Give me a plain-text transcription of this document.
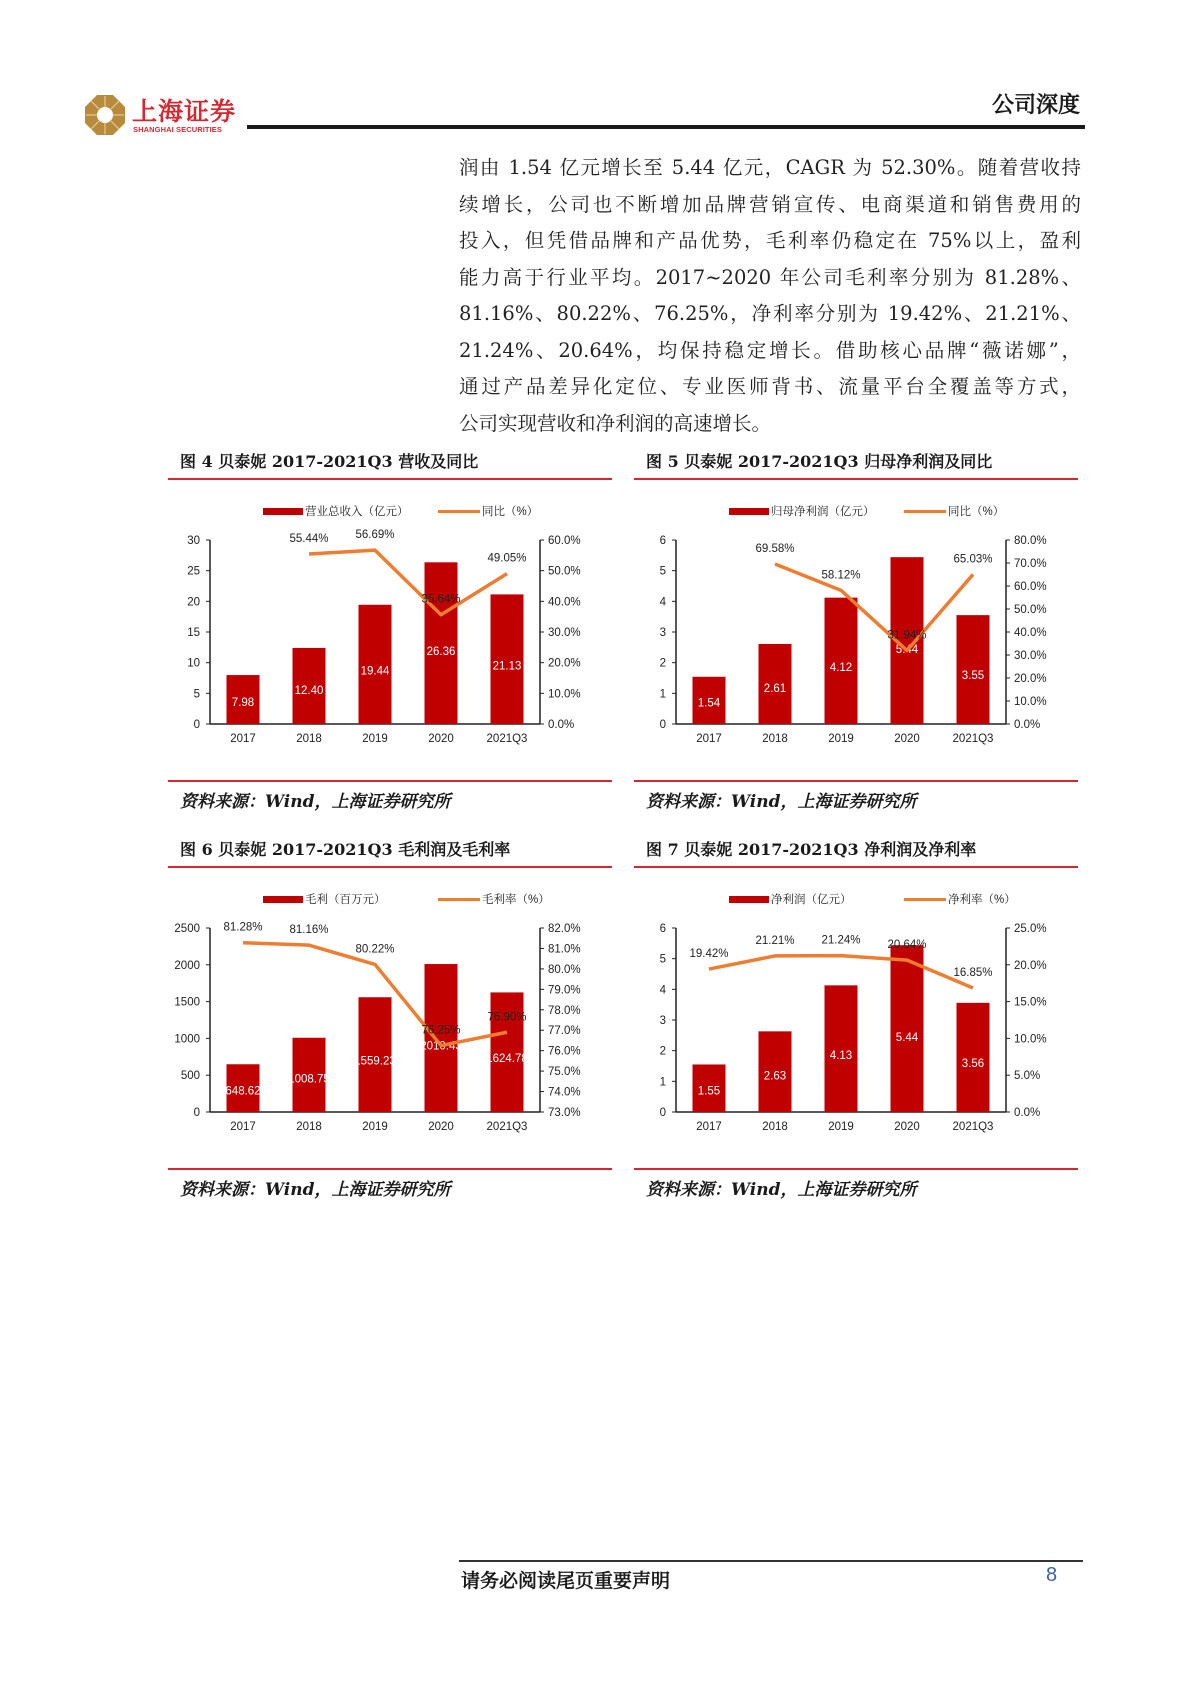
上海证券
SHANGHAI SECURITIES
公司深度
润由 1.54 亿元增长至 5.44 亿元，CAGR 为 52.30%。随着营收持
续增长，公司也不断增加品牌营销宣传、电商渠道和销售费用的
投入，但凭借品牌和产品优势，毛利率仍稳定在 75%以上，盈利
能力高于行业平均。2017~2020 年公司毛利率分别为 81.28%、
81.16%、80.22%、76.25%，净利率分别为 19.42%、21.21%、
21.24%、20.64%，均保持稳定增长。借助核心品牌“薇诺娜”，
通过产品差异化定位、专业医师背书、流量平台全覆盖等方式，
公司实现营收和净利润的高速增长。
图 4 贝泰妮 2017-2021Q3 营收及同比
营业总收入（亿元）	同比（%）
0
5
10
15
20
25
30
0.0%
10.0%
20.0%
30.0%
40.0%
50.0%
60.0%
7.98
2017
12.40
2018
19.44
2019
26.36
2020
21.13
2021Q3
55.44% 56.69%
35.64%
49.05%
资料来源：Wind，上海证券研究所
图 5 贝泰妮 2017-2021Q3 归母净利润及同比
归母净利润（亿元）	同比（%）
0
1
2
3
4
5
6
0.0%
10.0%
20.0%
30.0%
40.0%
50.0%
60.0%
70.0%
80.0%
1.54
2017
2.61
2018
4.12
2019
5.44
2020
3.55
2021Q3
69.58%
58.12%
31.94%
65.03%
资料来源：Wind，上海证券研究所
图 6 贝泰妮 2017-2021Q3 毛利润及毛利率
毛利（百万元）	毛利率（%）
0
500
1000
1500
2000
2500
73.0%
74.0%
75.0%
76.0%
77.0%
78.0%
79.0%
80.0%
81.0%
82.0%
648.62
2017
1008.75
2018
1559.23
2019
2010.43
2020
1624.78
2021Q3
81.28% 81.16%
80.22%
76.25%
76.90%
资料来源：Wind，上海证券研究所
图 7 贝泰妮 2017-2021Q3 净利润及净利率
净利润（亿元）	净利率（%）
0
1
2
3
4
5
6
0.0%
5.0%
10.0%
15.0%
20.0%
25.0%
1.55
2017
2.63
2018
4.13
2019
5.44
2020
3.56
2021Q3
19.42%
21.21% 21.24% 20.64%
16.85%
资料来源：Wind，上海证券研究所
请务必阅读尾页重要声明	8
